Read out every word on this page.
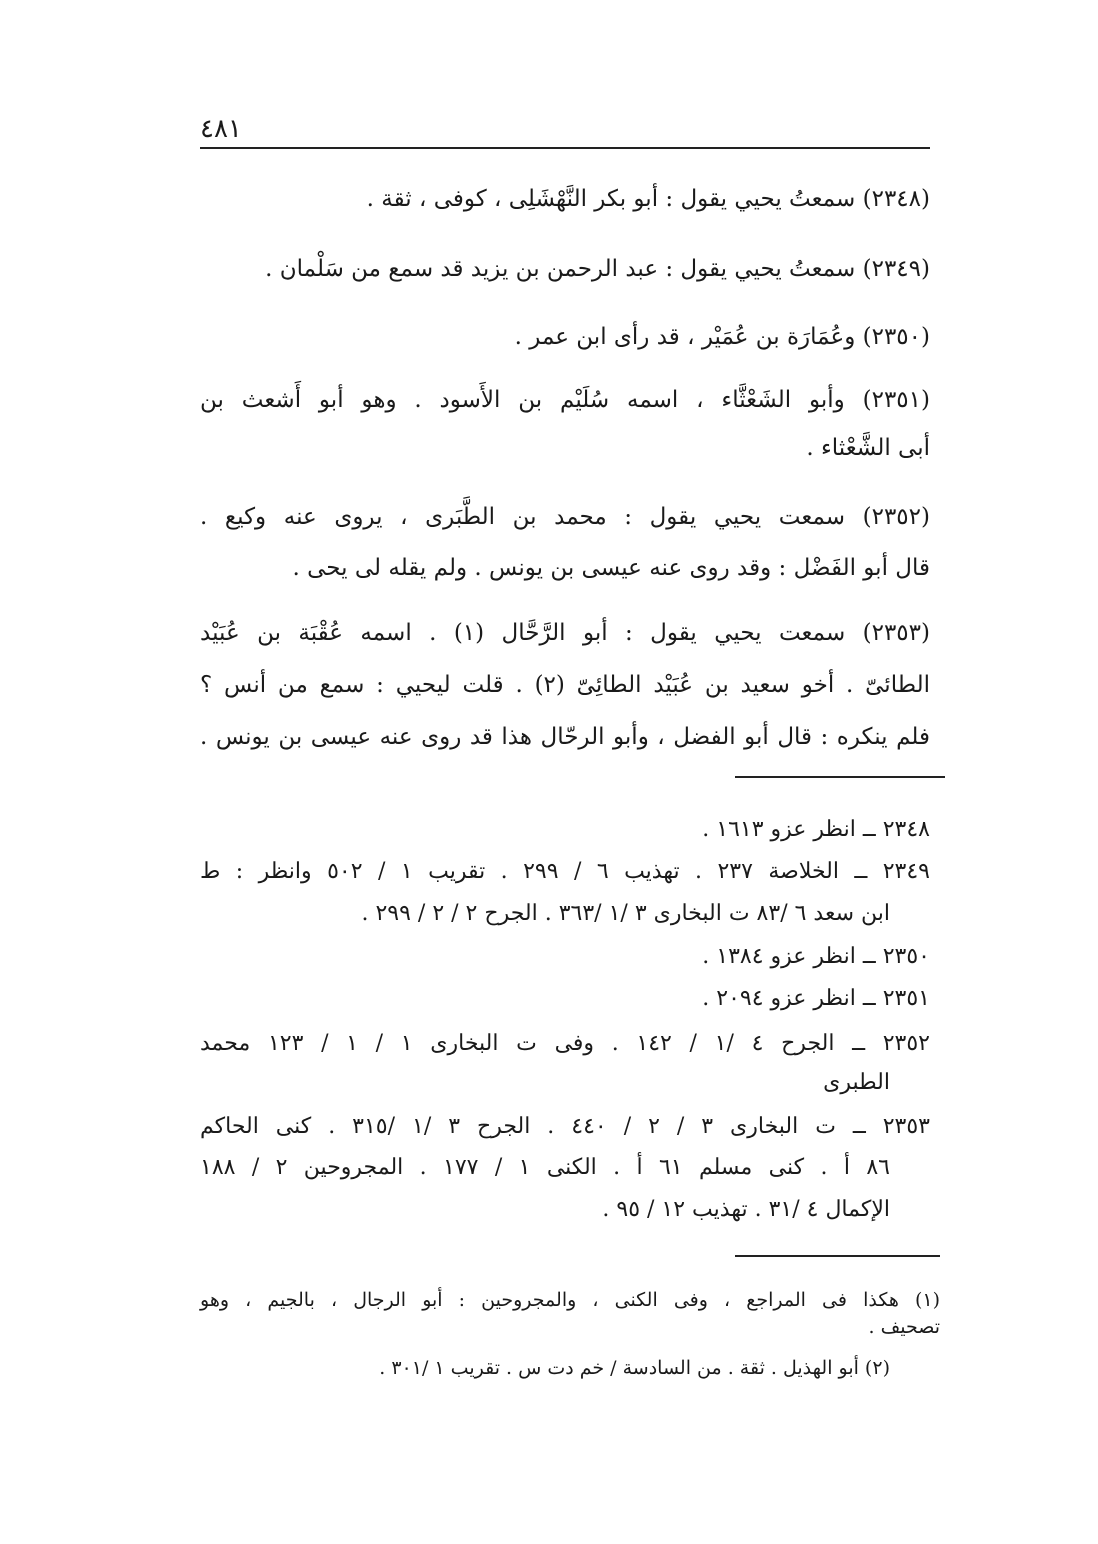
٤٨١
(٢٣٤٨) سمعتُ يحيي يقول : أبو بكر النَّهْشَلِى ، كوفى ، ثقة .
(٢٣٤٩) سمعتُ يحيي يقول : عبد الرحمن بن يزيد قد سمع من سَلْمان .
(٢٣٥٠) وعُمَارَة بن عُمَيْر ، قد رأى ابن عمر .
(٢٣٥١) وأبو الشَعْثَّاء ، اسمه سُلَيْم بن الأَسود . وهو أبو أَشعث بن
أبى الشَّعْثاء .
(٢٣٥٢) سمعت يحيي يقول : محمد بن الطَّبَرى ، يروى عنه وكيع .
قال أبو الفَضْل : وقد روى عنه عيسى بن يونس . ولم يقله لى يحى .
(٢٣٥٣) سمعت يحيي يقول : أبو الرَّحَّال (١) . اسمه عُقْبَة بن عُبَيْد
الطائىّ . أخو سعيد بن عُبَيْد الطائِىّ (٢) . قلت ليحيي : سمع من أنس ؟
فلم ينكره : قال أبو الفضل ، وأبو الرحّال هذا قد روى عنه عيسى بن يونس .
٢٣٤٨ ــ انظر عزو ١٦١٣ .
٢٣٤٩ ــ الخلاصة ٢٣٧ . تهذيب ٦ / ٢٩٩ . تقريب ١ / ٥٠٢ وانظر : ط
ابن سعد ٦ /٨٣ ت البخارى ٣ /١ /٣٦٣ . الجرح ٢ / ٢ / ٢٩٩ .
٢٣٥٠ ــ انظر عزو ١٣٨٤ .
٢٣٥١ ــ انظر عزو ٢٠٩٤ .
٢٣٥٢ ــ الجرح ٤ /١ / ١٤٢ . وفى ت البخارى ١ / ١ / ١٢٣ محمد
الطبرى
٢٣٥٣ ــ ت البخارى ٣ / ٢ / ٤٤٠ . الجرح ٣ /١ /٣١٥ . كنى الحاكم
٨٦ أ . كنى مسلم ٦١ أ . الكنى ١ / ١٧٧ . المجروحين ٢ / ١٨٨
الإكمال ٤ /٣١ . تهذيب ١٢ / ٩٥ .
(١) هكذا فى المراجع ، وفى الكنى ، والمجروحين : أبو الرجال ، بالجيم ، وهو
تصحيف .
(٢) أبو الهذيل . ثقة . من السادسة / خم دت س . تقريب ١ /٣٠١ .
